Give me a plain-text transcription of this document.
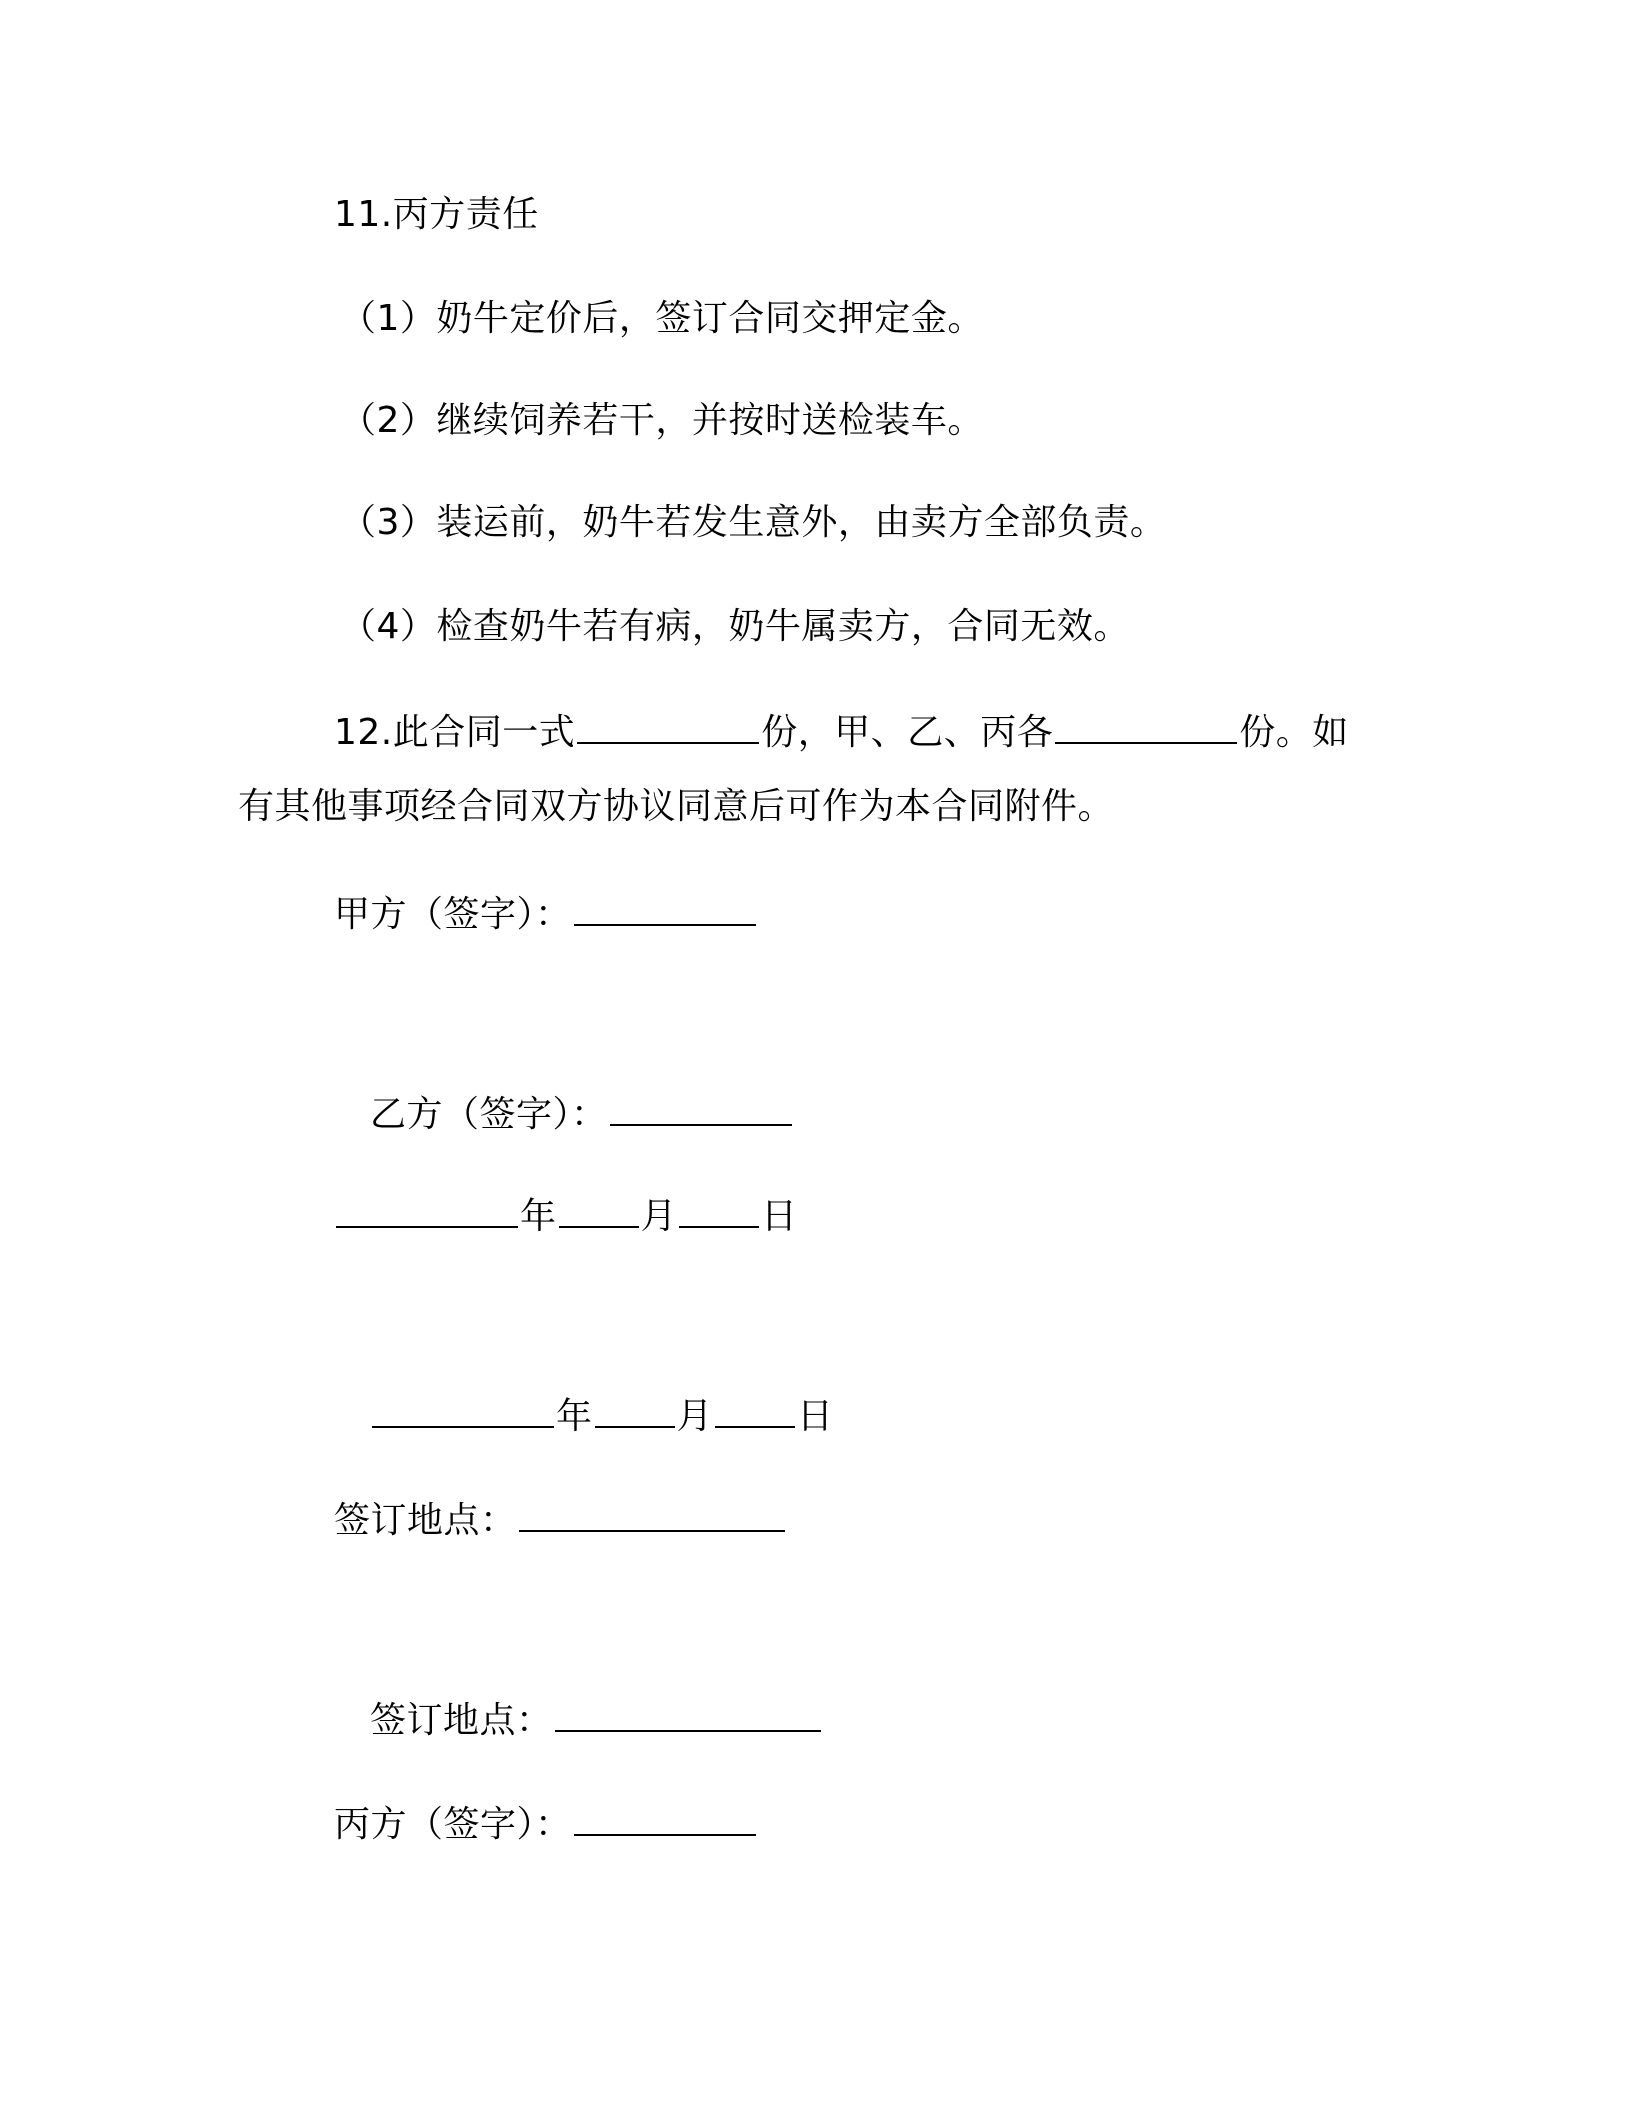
11.丙方责任
（1）奶牛定价后，签订合同交押定金。
（2）继续饲养若干，并按时送检装车。
（3）装运前，奶牛若发生意外，由卖方全部负责。
（4）检查奶牛若有病，奶牛属卖方，合同无效。
12.此合同一式	份，甲、乙、丙各	份。如
有其他事项经合同双方协议同意后可作为本合同附件。
甲方（签字）：
乙方（签字）：
年 月 日
年 月 日
签订地点：
签订地点：
丙方（签字）：
